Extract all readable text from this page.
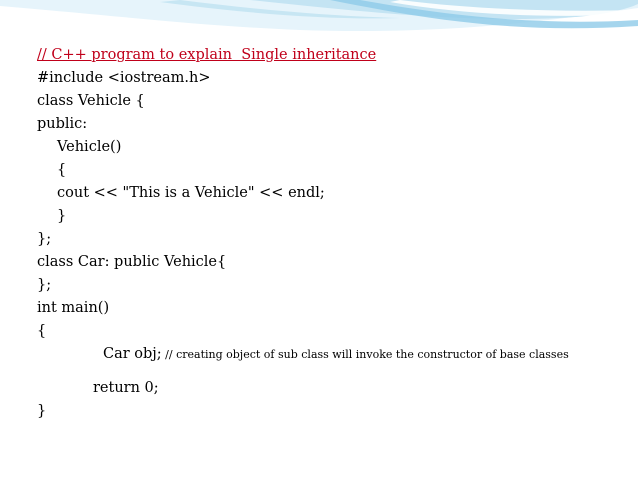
// C++ program to explain  Single inheritance

#include <iostream.h>

class Vehicle {

public:

Vehicle()

{

cout << "This is a Vehicle" << endl;

}

};

class Car: public Vehicle{

};

int main()

{

Car obj; // creating object of sub class will invoke the constructor of base classes

return 0;

}
